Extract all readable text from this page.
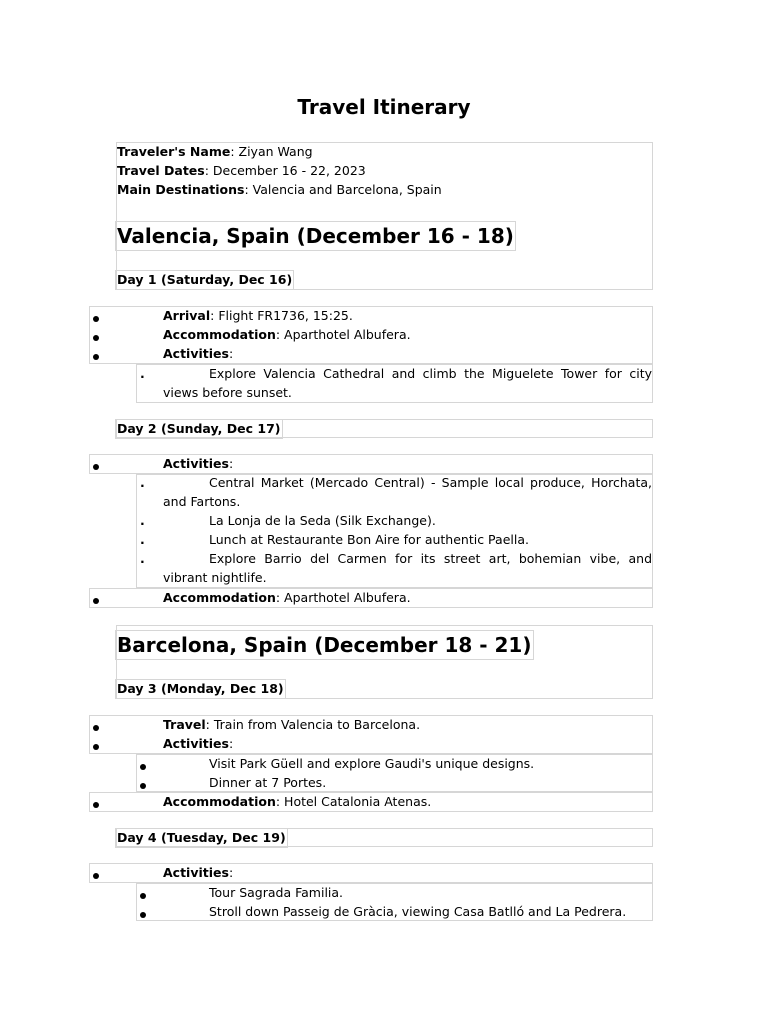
Travel Itinerary
Traveler's Name: Ziyan Wang
Travel Dates: December 16 - 22, 2023
Main Destinations: Valencia and Barcelona, Spain
Valencia, Spain (December 16 - 18)
Day 1 (Saturday, Dec 16)
Arrival: Flight FR1736, 15:25.
Accommodation: Aparthotel Albufera.
Activities:
.	Explore Valencia Cathedral and climb the Miguelete Tower for city views before sunset.
Day 2 (Sunday, Dec 17)
Activities:
.	Central Market (Mercado Central) - Sample local produce, Horchata, and Fartons.
.	La Lonja de la Seda (Silk Exchange).
.	Lunch at Restaurante Bon Aire for authentic Paella.
.	Explore Barrio del Carmen for its street art, bohemian vibe, and vibrant nightlife.
Accommodation: Aparthotel Albufera.
Barcelona, Spain (December 18 - 21)
Day 3 (Monday, Dec 18)
Travel: Train from Valencia to Barcelona.
Activities:
Visit Park Güell and explore Gaudi's unique designs.
Dinner at 7 Portes.
Accommodation: Hotel Catalonia Atenas.
Day 4 (Tuesday, Dec 19)
Activities:
Tour Sagrada Familia.
Stroll down Passeig de Gràcia, viewing Casa Batlló and La Pedrera.
